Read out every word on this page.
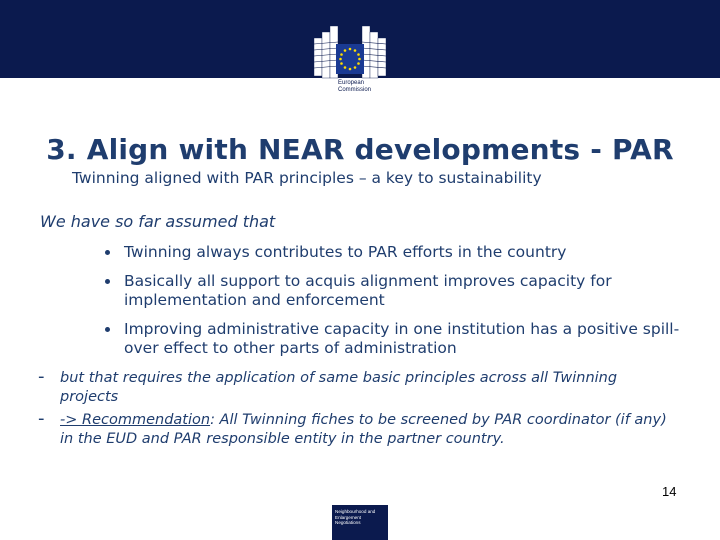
European
Commission
3. Align with NEAR developments - PAR

Twinning aligned with PAR principles – a key to sustainability

We have so far assumed that

Twinning always contributes to PAR efforts in the country
Basically all support to acquis alignment improves capacity for implementation and enforcement
Improving administrative capacity in one institution has a positive spill-over effect to other parts of administration
-	but that requires the application of same basic principles across all Twinning projects
-	-> Recommendation: All Twinning fiches to be screened by PAR coordinator (if any) in the EUD and PAR responsible entity in the partner country.
14
Neighbourhood and
Enlargement
Negotiations
